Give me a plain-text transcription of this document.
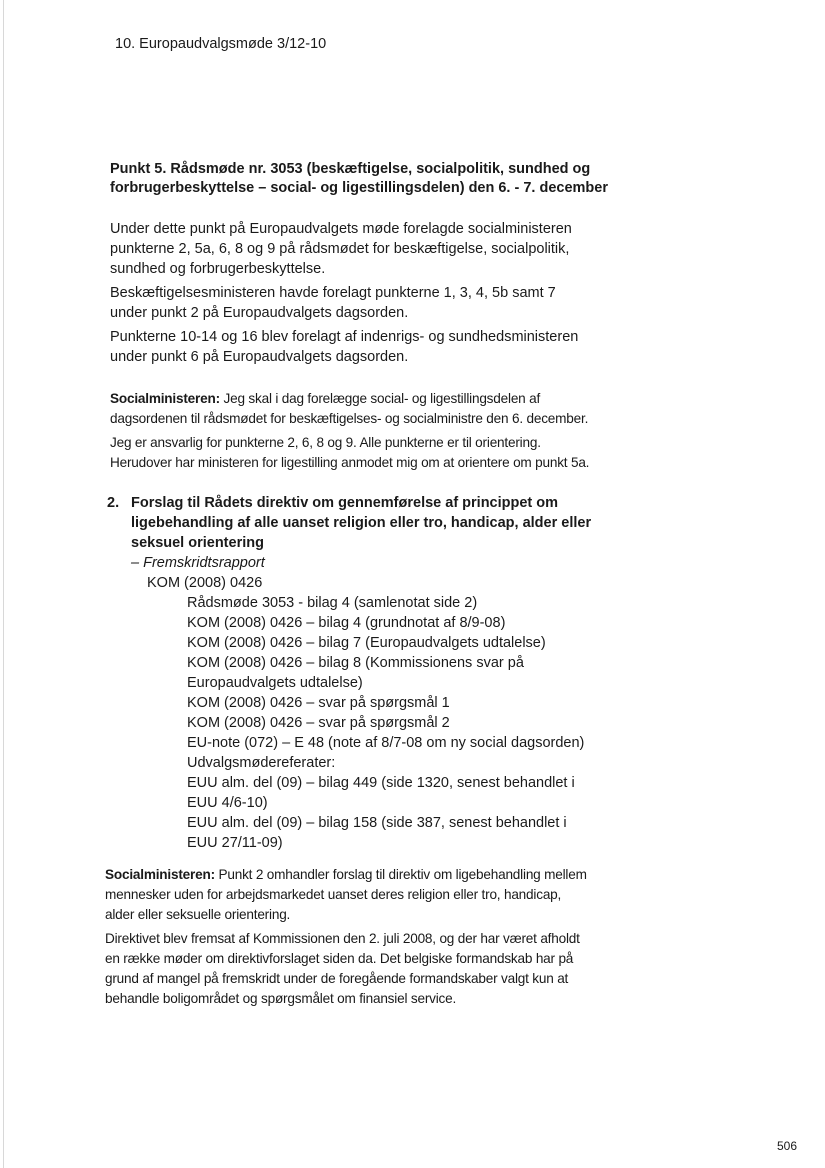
10. Europaudvalgsmøde 3/12-10
Punkt 5. Rådsmøde nr. 3053 (beskæftigelse, socialpolitik, sundhed og forbrugerbeskyttelse – social- og ligestillingsdelen) den 6. - 7. december

Under dette punkt på Europaudvalgets møde forelagde socialministeren punkterne 2, 5a, 6, 8 og 9 på rådsmødet for beskæftigelse, socialpolitik, sundhed og forbrugerbeskyttelse.

Beskæftigelsesministeren havde forelagt punkterne 1, 3, 4, 5b samt 7 under punkt 2 på Europaudvalgets dagsorden.

Punkterne 10-14 og 16 blev forelagt af indenrigs- og sundhedsministeren under punkt 6 på Europaudvalgets dagsorden.

Socialministeren: Jeg skal i dag forelægge social- og ligestillingsdelen af dagsordenen til rådsmødet for beskæftigelses- og socialministre den 6. december.

Jeg er ansvarlig for punkterne 2, 6, 8 og 9. Alle punkterne er til orientering. Herudover har ministeren for ligestilling anmodet mig om at orientere om punkt 5a.

2. Forslag til Rådets direktiv om gennemførelse af princippet om ligebehandling af alle uanset religion eller tro, handicap, alder eller seksuel orientering
– Fremskridtsrapport
KOM (2008) 0426
Rådsmøde 3053 - bilag 4 (samlenotat side 2)
KOM (2008) 0426 – bilag 4 (grundnotat af 8/9-08)
KOM (2008) 0426 – bilag 7 (Europaudvalgets udtalelse)
KOM (2008) 0426 – bilag 8 (Kommissionens svar på Europaudvalgets udtalelse)
KOM (2008) 0426 – svar på spørgsmål 1
KOM (2008) 0426 – svar på spørgsmål 2
EU-note (072) – E 48 (note af 8/7-08 om ny social dagsorden)
Udvalgsmødereferater:
EUU alm. del (09) – bilag 449 (side 1320, senest behandlet i EUU 4/6-10)
EUU alm. del (09) – bilag 158 (side 387, senest behandlet i EUU 27/11-09)

Socialministeren: Punkt 2 omhandler forslag til direktiv om ligebehandling mellem mennesker uden for arbejdsmarkedet uanset deres religion eller tro, handicap, alder eller seksuelle orientering.

Direktivet blev fremsat af Kommissionen den 2. juli 2008, og der har været afholdt en række møder om direktivforslaget siden da. Det belgiske formandskab har på grund af mangel på fremskridt under de foregående formandskaber valgt kun at behandle boligområdet og spørgsmålet om finansiel service.

506
